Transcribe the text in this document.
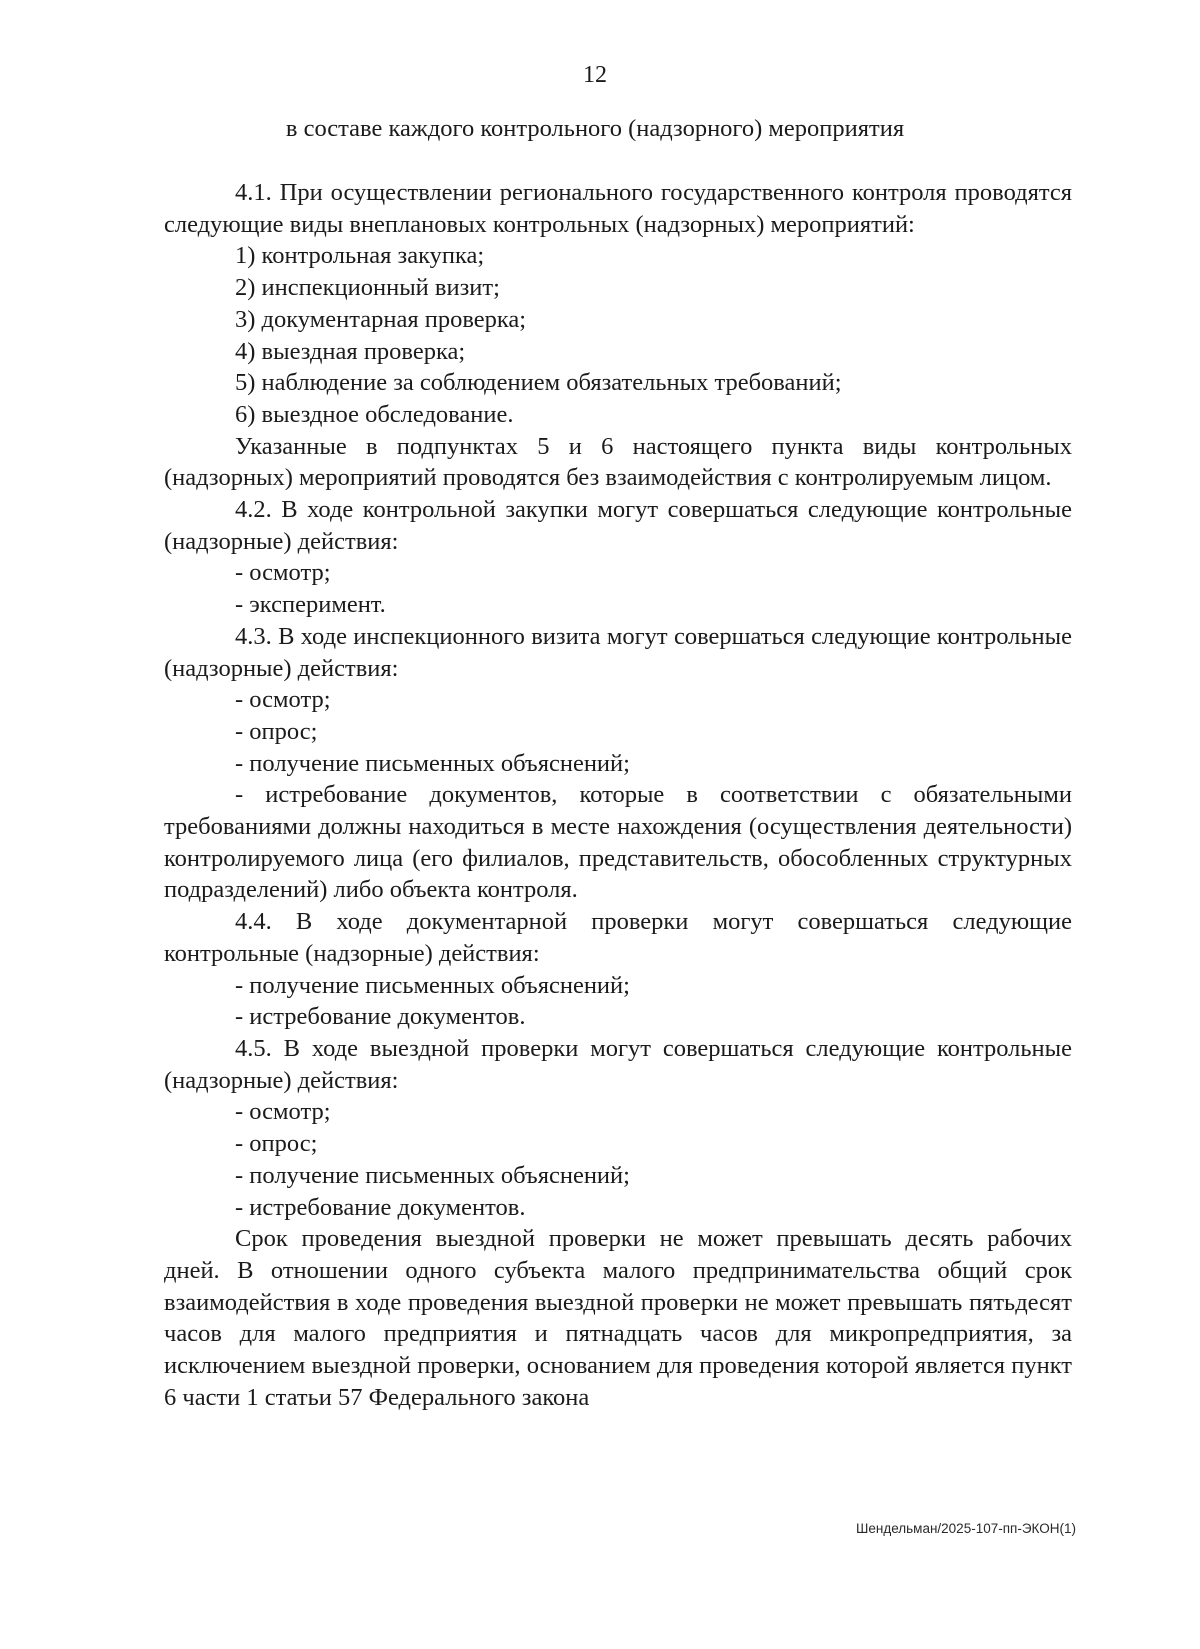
12
в составе каждого контрольного (надзорного) мероприятия

4.1. При осуществлении регионального государственного контроля проводятся следующие виды внеплановых контрольных (надзорных) мероприятий:

1) контрольная закупка;

2) инспекционный визит;

3) документарная проверка;

4) выездная проверка;

5) наблюдение за соблюдением обязательных требований;

6) выездное обследование.

Указанные в подпунктах 5 и 6 настоящего пункта виды контрольных (надзорных) мероприятий проводятся без взаимодействия с контролируемым лицом.

4.2. В ходе контрольной закупки могут совершаться следующие контрольные (надзорные) действия:

- осмотр;

- эксперимент.

4.3. В ходе инспекционного визита могут совершаться следующие контрольные (надзорные) действия:

- осмотр;

- опрос;

- получение письменных объяснений;

- истребование документов, которые в соответствии с обязательными требованиями должны находиться в месте нахождения (осуществления деятельности) контролируемого лица (его филиалов, представительств, обособленных структурных подразделений) либо объекта контроля.

4.4. В ходе документарной проверки могут совершаться следующие контрольные (надзорные) действия:

- получение письменных объяснений;

- истребование документов.

4.5. В ходе выездной проверки могут совершаться следующие контрольные (надзорные) действия:

- осмотр;

- опрос;

- получение письменных объяснений;

- истребование документов.

Срок проведения выездной проверки не может превышать десять рабочих дней. В отношении одного субъекта малого предпринимательства общий срок взаимодействия в ходе проведения выездной проверки не может превышать пятьдесят часов для малого предприятия и пятнадцать часов для микропредприятия, за исключением выездной проверки, основанием для проведения которой является пункт 6 части 1 статьи 57 Федерального закона

Шендельман/2025-107-пп-ЭКОН(1)
